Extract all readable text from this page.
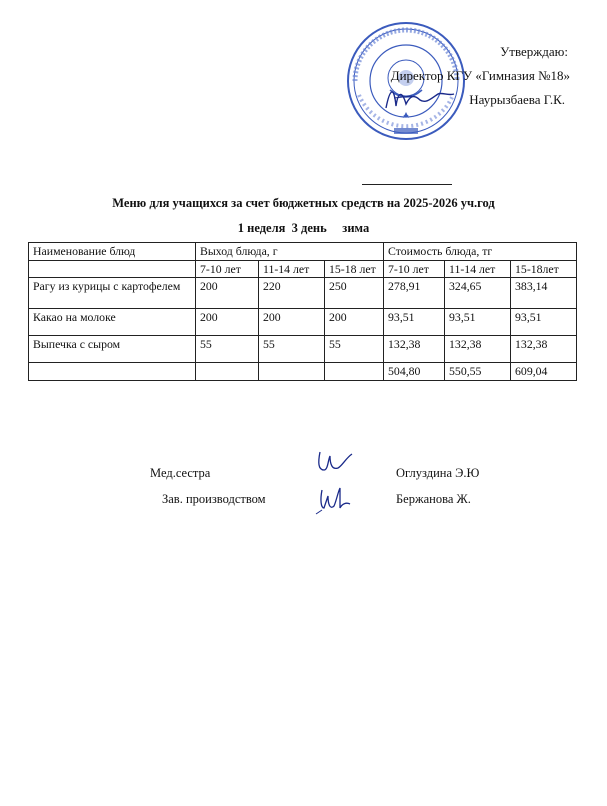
Утверждаю:
Директор КГУ «Гимназия №18»
Наурызбаева Г.К.
Меню для учащихся за счет бюджетных средств на 2025-2026 уч.год
1 неделя  3 день     зима
Наименование блюд	Выход блюда, г			Стоимость блюда, тг		
	7-10 лет	11-14 лет	15-18 лет	7-10 лет	11-14 лет	15-18лет
Рагу из курицы с картофелем	200	220	250	278,91	324,65	383,14
Какао на молоке	200	200	200	93,51	93,51	93,51
Выпечка с сыром	55	55	55	132,38	132,38	132,38
				504,80	550,55	609,04
Мед.сестра	Оглуздина Э.Ю
Зав. производством	Бержанова Ж.
